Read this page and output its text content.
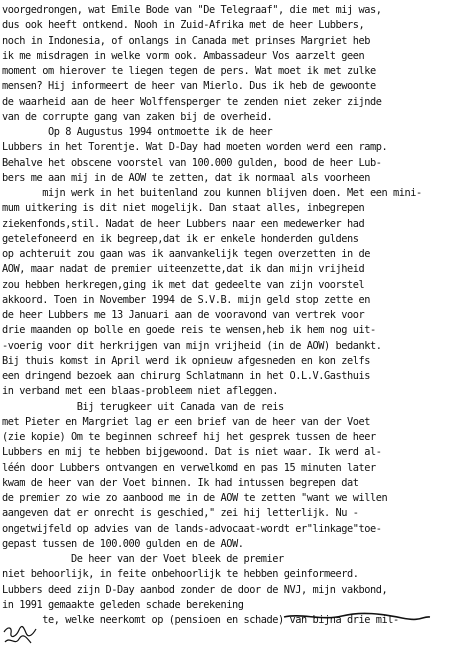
voorgedrongen, wat Emile Bode van "De Telegraaf", die met mij was,
dus ook heeft ontkend. Nooh in Zuid-Afrika met de heer Lubbers,
noch in Indonesia, of onlangs in Canada met prinses Margriet heb
ik me misdragen in welke vorm ook. Ambassadeur Vos aarzelt geen
moment om hierover te liegen tegen de pers. Wat moet ik met zulke
mensen? Hij informeert de heer van Mierlo. Dus ik heb de gewoonte
de waarheid aan de heer Wolffensperger te zenden niet zeker zijnde
van de corrupte gang van zaken bij de overheid.
Op 8 Augustus 1994 ontmoette ik de heer
Lubbers in het Torentje. Wat D-Day had moeten worden werd een ramp.
Behalve het obscene voorstel van 100.000 gulden, bood de heer Lub-
bers me aan mij in de AOW te zetten, dat ik normaal als voorheen
mijn werk in het buitenland zou kunnen blijven doen. Met een mini-
mum uitkering is dit niet mogelijk. Dan staat alles, inbegrepen
ziekenfonds,stil. Nadat de heer Lubbers naar een medewerker had
getelefoneerd en ik begreep,dat ik er enkele honderden guldens
op achteruit zou gaan was ik aanvankelijk tegen overzetten in de
AOW, maar nadat de premier uiteenzette,dat ik dan mijn vrijheid
zou hebben herkregen,ging ik met dat gedeelte van zijn voorstel
akkoord. Toen in November 1994 de S.V.B. mijn geld stop zette en
de heer Lubbers me 13 Januari aan de vooravond van vertrek voor
drie maanden op bolle en goede reis te wensen,heb ik hem nog uit-
-voerig voor dit herkrijgen van mijn vrijheid (in de AOW) bedankt.
Bij thuis komst in April werd ik opnieuw afgesneden en kon zelfs
een dringend bezoek aan chirurg Schlatmann in het O.L.V.Gasthuis
in verband met een blaas-probleem niet afleggen.
Bij terugkeer uit Canada van de reis
met Pieter en Margriet lag er een brief van de heer van der Voet
(zie kopie) Om te beginnen schreef hij het gesprek tussen de heer
Lubbers en mij te hebben bijgewoond. Dat is niet waar. Ik werd al-
léén door Lubbers ontvangen en verwelkomd en pas 15 minuten later
kwam de heer van der Voet binnen. Ik had intussen begrepen dat
de premier zo wie zo aanbood me in de AOW te zetten "want we willen
aangeven dat er onrecht is geschied," zei hij letterlijk. Nu -
ongetwijfeld op advies van de lands-advocaat-wordt er"linkage"toe-
gepast tussen de 100.000 gulden en de AOW.
De heer van der Voet bleek de premier
niet behoorlijk, in feite onbehoorlijk te hebben geinformeerd.
Lubbers deed zijn D-Day aanbod zonder de door de NVJ, mijn vakbond,
in 1991 gemaakte geleden schade berekening
te, welke neerkomt op (pensioen en schade) van bijna drie mil-
